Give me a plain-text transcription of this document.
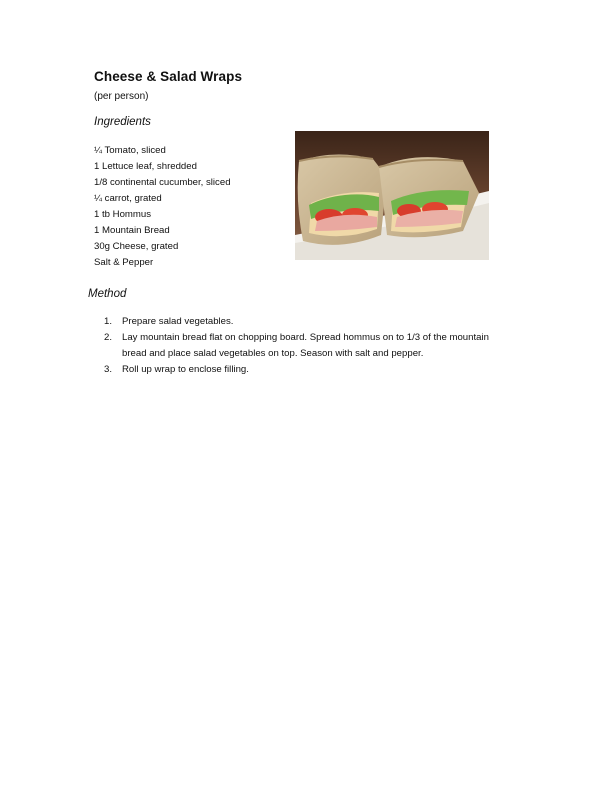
Cheese & Salad Wraps
(per person)
Ingredients
¼ Tomato, sliced
1 Lettuce leaf, shredded
1/8 continental cucumber, sliced
¼ carrot, grated
1 tb Hommus
1 Mountain Bread
30g Cheese, grated
Salt & Pepper
Method
1. Prepare salad vegetables.
2. Lay mountain bread flat on chopping board. Spread hommus on to 1/3 of the mountain bread and place salad vegetables on top. Season with salt and pepper.
3. Roll up wrap to enclose filling.
